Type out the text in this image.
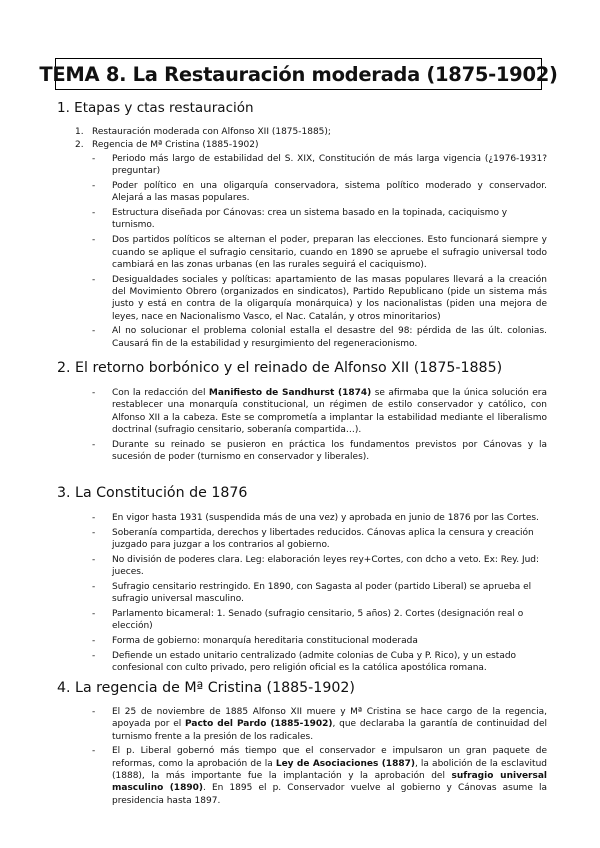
TEMA 8. La Restauración moderada (1875-1902)
1. Etapas y ctas restauración
1. Restauración moderada con Alfonso XII (1875-1885);
2. Regencia de Mª Cristina (1885-1902)
- Periodo más largo de estabilidad del S. XIX, Constitución de más larga vigencia (¿1976-1931? preguntar)
- Poder político en una oligarquía conservadora, sistema político moderado y conservador. Alejará a las masas populares.
- Estructura diseñada por Cánovas: crea un sistema basado en la topinada, caciquismo y turnismo.
- Dos partidos políticos se alternan el poder, preparan las elecciones. Esto funcionará siempre y cuando se aplique el sufragio censitario, cuando en 1890 se apruebe el sufragio universal todo cambiará en las zonas urbanas (en las rurales seguirá el caciquismo).
- Desigualdades sociales y políticas: apartamiento de las masas populares llevará a la creación del Movimiento Obrero (organizados en sindicatos), Partido Republicano (pide un sistema más justo y está en contra de la oligarquía monárquica) y los nacionalistas (piden una mejora de leyes, nace en Nacionalismo Vasco, el Nac. Catalán, y otros minoritarios)
- Al no solucionar el problema colonial estalla el desastre del 98: pérdida de las últ. colonias. Causará fin de la estabilidad y resurgimiento del regeneracionismo.
2. El retorno borbónico y el reinado de Alfonso XII (1875-1885)
- Con la redacción del Manifiesto de Sandhurst (1874) se afirmaba que la única solución era restablecer una monarquía constitucional, un régimen de estilo conservador y católico, con Alfonso XII a la cabeza. Este se comprometía a implantar la estabilidad mediante el liberalismo doctrinal (sufragio censitario, soberanía compartida…).
- Durante su reinado se pusieron en práctica los fundamentos previstos por Cánovas y la sucesión de poder (turnismo en conservador y liberales).
3. La Constitución de 1876
- En vigor hasta 1931 (suspendida más de una vez) y aprobada en junio de 1876 por las Cortes.
- Soberanía compartida, derechos y libertades reducidos. Cánovas aplica la censura y creación juzgado para juzgar a los contrarios al gobierno.
- No división de poderes clara. Leg: elaboración leyes rey+Cortes, con dcho a veto. Ex: Rey. Jud: jueces.
- Sufragio censitario restringido. En 1890, con Sagasta al poder (partido Liberal) se aprueba el sufragio universal masculino.
- Parlamento bicameral: 1. Senado (sufragio censitario, 5 años) 2. Cortes (designación real o elección)
- Forma de gobierno: monarquía hereditaria constitucional moderada
- Defiende un estado unitario centralizado (admite colonias de Cuba y P. Rico), y un estado confesional con culto privado, pero religión oficial es la católica apostólica romana.
4. La regencia de Mª Cristina (1885-1902)
- El 25 de noviembre de 1885 Alfonso XII muere y Mª Cristina se hace cargo de la regencia, apoyada por el Pacto del Pardo (1885-1902), que declaraba la garantía de continuidad del turnismo frente a la presión de los radicales.
- El p. Liberal gobernó más tiempo que el conservador e impulsaron un gran paquete de reformas, como la aprobación de la Ley de Asociaciones (1887), la abolición de la esclavitud (1888), la más importante fue la implantación y la aprobación del sufragio universal masculino (1890). En 1895 el p. Conservador vuelve al gobierno y Cánovas asume la presidencia hasta 1897.
